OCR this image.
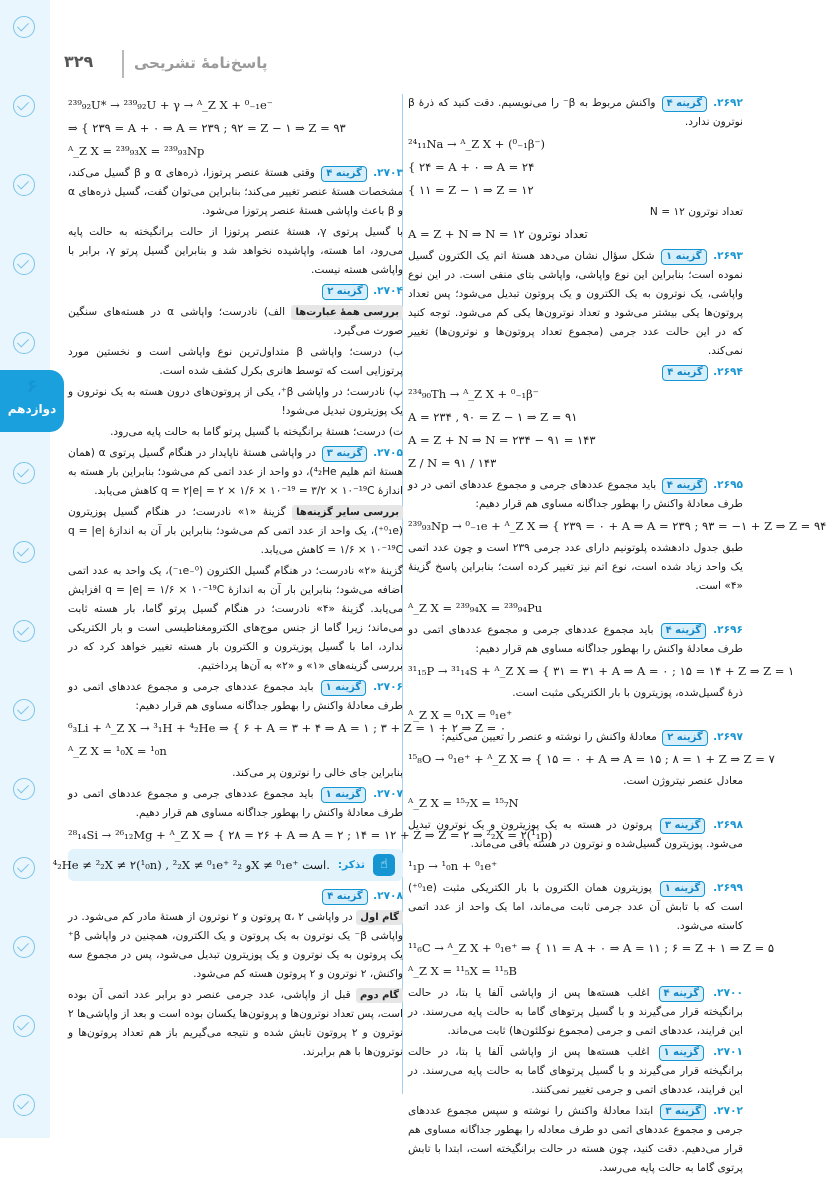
۶
دوازدهم
۳۲۹	پاسخ‌نامهٔ تشریحی
۲۶۹۲. گزینه ۴ واکنش مربوط به β⁻ را می‌نویسیم. دقت کنید که ذرهٔ β نوترون ندارد.
²⁴₁₁Na → ᴬ_Z X + (⁰₋₁β⁻)
{ ۲۴ = A + ۰ ⇒ A = ۲۴
{ ۱۱ = Z − ۱ ⇒ Z = ۱۲
تعداد نوترون ۱۲ = N
A = Z + N ⇒ N = ۱۲ تعداد نوترون
۲۶۹۳. گزینه ۱ شکل سؤال نشان می‌دهد هستهٔ اتم یک الکترون گسیل نموده است؛ بنابراین این نوع واپاشی، واپاشی بتای منفی است. در این نوع واپاشی، یک نوترون به یک الکترون و یک پروتون تبدیل می‌شود؛ پس تعداد پروتون‌ها یکی بیشتر می‌شود و تعداد نوترون‌ها یکی کم می‌شود. توجه کنید که در این حالت عدد جرمی (مجموع تعداد پروتون‌ها و نوترون‌ها) تغییر نمی‌کند.
۲۶۹۴. گزینه ۴
²³⁴₉₀Th → ᴬ_Z X + ⁰₋₁β⁻
A = ۲۳۴ , ۹۰ = Z − ۱ ⇒ Z = ۹۱
A = Z + N ⇒ N = ۲۳۴ − ۹۱ = ۱۴۳
Z / N = ۹۱ / ۱۴۳
۲۶۹۵. گزینه ۴ باید مجموع عددهای جرمی و مجموع عددهای اتمی در دو طرف معادلهٔ واکنش را بهطور جداگانه مساوی هم قرار دهیم:
²³⁹₉₃Np → ⁰₋₁e + ᴬ_Z X ⇒ { ۲۳۹ = ۰ + A ⇒ A = ۲۳۹ ; ۹۳ = −۱ + Z ⇒ Z = ۹۴
طبق جدول دادهشده پلوتونیم دارای عدد جرمی ۲۳۹ است و چون عدد اتمی یک واحد زیاد شده است، نوع اتم نیز تغییر کرده است؛ بنابراین پاسخ گزینهٔ «۴» است.
ᴬ_Z X = ²³⁹₉₄X = ²³⁹₉₄Pu
۲۶۹۶. گزینه ۴ باید مجموع عددهای جرمی و مجموع عددهای اتمی دو طرف معادلهٔ واکنش را بهطور جداگانه مساوی هم قرار دهیم:
³¹₁₅P → ³¹₁₄S + ᴬ_Z X ⇒ { ۳۱ = ۳۱ + A ⇒ A = ۰ ; ۱۵ = ۱۴ + Z ⇒ Z = ۱
ذرهٔ گسیل‌شده، پوزیترون با بار الکتریکی مثبت است.
ᴬ_Z X = ⁰₁X = ⁰₁e⁺
۲۶۹۷. گزینه ۲ معادلهٔ واکنش را نوشته و عنصر را تعیین می‌کنیم:
¹⁵₈O → ⁰₁e⁺ + ᴬ_Z X ⇒ { ۱۵ = ۰ + A ⇒ A = ۱۵ ; ۸ = ۱ + Z ⇒ Z = ۷
معادل عنصر نیتروژن است.
ᴬ_Z X = ¹⁵₇X = ¹⁵₇N
۲۶۹۸. گزینه ۳ پروتون در هسته به یک پوزیترون و یک نوترون تبدیل می‌شود. پوزیترون گسیل‌شده و نوترون در هسته باقی می‌ماند.
¹₁p → ¹₀n + ⁰₁e⁺
۲۶۹۹. گزینه ۱ پوزیترون همان الکترون با بار الکتریکی مثبت (⁰₁e⁺) است که با تابش آن عدد جرمی ثابت می‌ماند، اما یک واحد از عدد اتمی کاسته می‌شود.
¹¹₆C → ᴬ_Z X + ⁰₁e⁺ ⇒ { ۱۱ = A + ۰ ⇒ A = ۱۱ ; ۶ = Z + ۱ ⇒ Z = ۵
ᴬ_Z X = ¹¹₅X = ¹¹₅B
۲۷۰۰. گزینه ۴ اغلب هسته‌ها پس از واپاشی آلفا یا بتا، در حالت برانگیخته قرار می‌گیرند و با گسیل پرتوهای گاما به حالت پایه می‌رسند. در این فرایند، عددهای اتمی و جرمی (مجموع نوکلئون‌ها) ثابت می‌ماند.
۲۷۰۱. گزینه ۱ اغلب هسته‌ها پس از واپاشی آلفا یا بتا، در حالت برانگیخته قرار می‌گیرند و با گسیل پرتوهای گاما به حالت پایه می‌رسند. در این فرایند، عددهای اتمی و جرمی تغییر نمی‌کنند.
۲۷۰۲. گزینه ۳ ابتدا معادلهٔ واکنش را نوشته و سپس مجموع عددهای جرمی و مجموع عددهای اتمی دو طرف معادله را بهطور جداگانه مساوی هم قرار می‌دهیم. دقت کنید، چون هسته در حالت برانگیخته است، ابتدا با تابش پرتوی گاما به حالت پایه می‌رسد.
²³⁹₉₂U* → ²³⁹₉₂U + γ → ᴬ_Z X + ⁰₋₁e⁻
⇒ { ۲۳۹ = A + ۰ ⇒ A = ۲۳۹ ; ۹۲ = Z − ۱ ⇒ Z = ۹۳
ᴬ_Z X = ²³⁹₉₃X = ²³⁹₉₃Np
۲۷۰۳. گزینه ۴ وقتی هستهٔ عنصر پرتوزا، ذره‌های α و β گسیل می‌کند، مشخصات هستهٔ عنصر تغییر می‌کند؛ بنابراین می‌توان گفت، گسیل ذره‌های α و β باعث واپاشی هستهٔ عنصر پرتوزا می‌شود.
با گسیل پرتوی γ، هستهٔ عنصر پرتوزا از حالت برانگیخته به حالت پایه می‌رود، اما هسته، واپاشیده نخواهد شد و بنابراین گسیل پرتو γ، برابر با واپاشی هسته نیست.
۲۷۰۴. گزینه ۲
بررسی همهٔ عبارت‌ها الف) نادرست؛ واپاشی α در هسته‌های سنگین صورت می‌گیرد.
ب) درست؛ واپاشی β متداول‌ترین نوع واپاشی است و نخستین مورد پرتوزایی است که توسط هانری بکرل کشف شده است.
پ) نادرست؛ در واپاشی β⁺، یکی از پروتون‌های درون هسته به یک نوترون و یک پوزیترون تبدیل می‌شود!
ت) درست؛ هستهٔ برانگیخته با گسیل پرتو گاما به حالت پایه می‌رود.
۲۷۰۵. گزینه ۳ در واپاشی هستهٔ ناپایدار در هنگام گسیل پرتوی α (همان هستهٔ اتم هلیم ⁴₂He)، دو واحد از عدد اتمی کم می‌شود؛ بنابراین بار هسته به اندازهٔ q = ۲|e| = ۲ × ۱/۶ × ۱۰⁻¹⁹ = ۳/۲ × ۱۰⁻¹⁹C کاهش می‌یابد.
بررسی سایر گزینه‌ها گزینهٔ «۱» نادرست؛ در هنگام گسیل پوزیترون (⁰₁e⁺)، یک واحد از عدد اتمی کم می‌شود؛ بنابراین بار آن به اندازهٔ q = |e| = ۱/۶ × ۱۰⁻¹⁹C کاهش می‌یابد.
گزینهٔ «۲» نادرست؛ در هنگام گسیل الکترون (⁰₋₁e⁻)، یک واحد به عدد اتمی اضافه می‌شود؛ بنابراین بار آن به اندازهٔ q = |e| = ۱/۶ × ۱۰⁻¹⁹C افزایش می‌یابد. گزینهٔ «۴» نادرست؛ در هنگام گسیل پرتو گاما، بار هسته ثابت می‌ماند؛ زیرا گاما از جنس موج‌های الکترومغناطیسی است و بار الکتریکی ندارد، اما با گسیل پوزیترون و الکترون بار هسته تغییر خواهد کرد که در بررسی گزینه‌های «۱» و «۲» به آن‌ها پرداختیم.
۲۷۰۶. گزینه ۱ باید مجموع عددهای جرمی و مجموع عددهای اتمی دو طرف معادلهٔ واکنش را بهطور جداگانه مساوی هم قرار دهیم:
⁶₃Li + ᴬ_Z X → ³₁H + ⁴₂He ⇒ { ۶ + A = ۳ + ۴ ⇒ A = ۱ ; ۳ + Z = ۱ + ۲ ⇒ Z = ۰
ᴬ_Z X = ¹₀X = ¹₀n
بنابراین جای خالی را نوترون پر می‌کند.
۲۷۰۷. گزینه ۱ باید مجموع عددهای جرمی و مجموع عددهای اتمی دو طرف معادلهٔ واکنش را بهطور جداگانه مساوی هم قرار دهیم.
²⁸₁₄Si → ²⁶₁₂Mg + ᴬ_Z X ⇒ { ۲۸ = ۲۶ + A ⇒ A = ۲ ; ۱۴ = ۱۲ + Z ⇒ Z = ۲ ⇒ ²₂X = ۲(¹₁p)
☝
تذکر:
⁴₂He ≠ ²₂X ≠ ۲(¹₀n) , ²₂X ≠ ⁰₁e⁺ و ²₂X ≠ ⁰₁e⁺ است.
۲۷۰۸. گزینه ۴
گام اول در واپاشی α، ۲ پروتون و ۲ نوترون از هستهٔ مادر کم می‌شود. در واپاشی β⁻ یک نوترون به یک پروتون و یک الکترون، همچنین در واپاشی β⁺ یک پروتون به یک نوترون و یک پوزیترون تبدیل می‌شود، پس در مجموع سه واکنش، ۲ نوترون و ۲ پروتون هسته کم می‌شود.
گام دوم قبل از واپاشی، عدد جرمی عنصر دو برابر عدد اتمی آن بوده است، پس تعداد نوترون‌ها و پروتون‌ها یکسان بوده است و بعد از واپاشی‌ها ۲ نوترون و ۲ پروتون تابش شده و نتیجه می‌گیریم باز هم تعداد پروتون‌ها و نوترون‌ها با هم برابرند.
